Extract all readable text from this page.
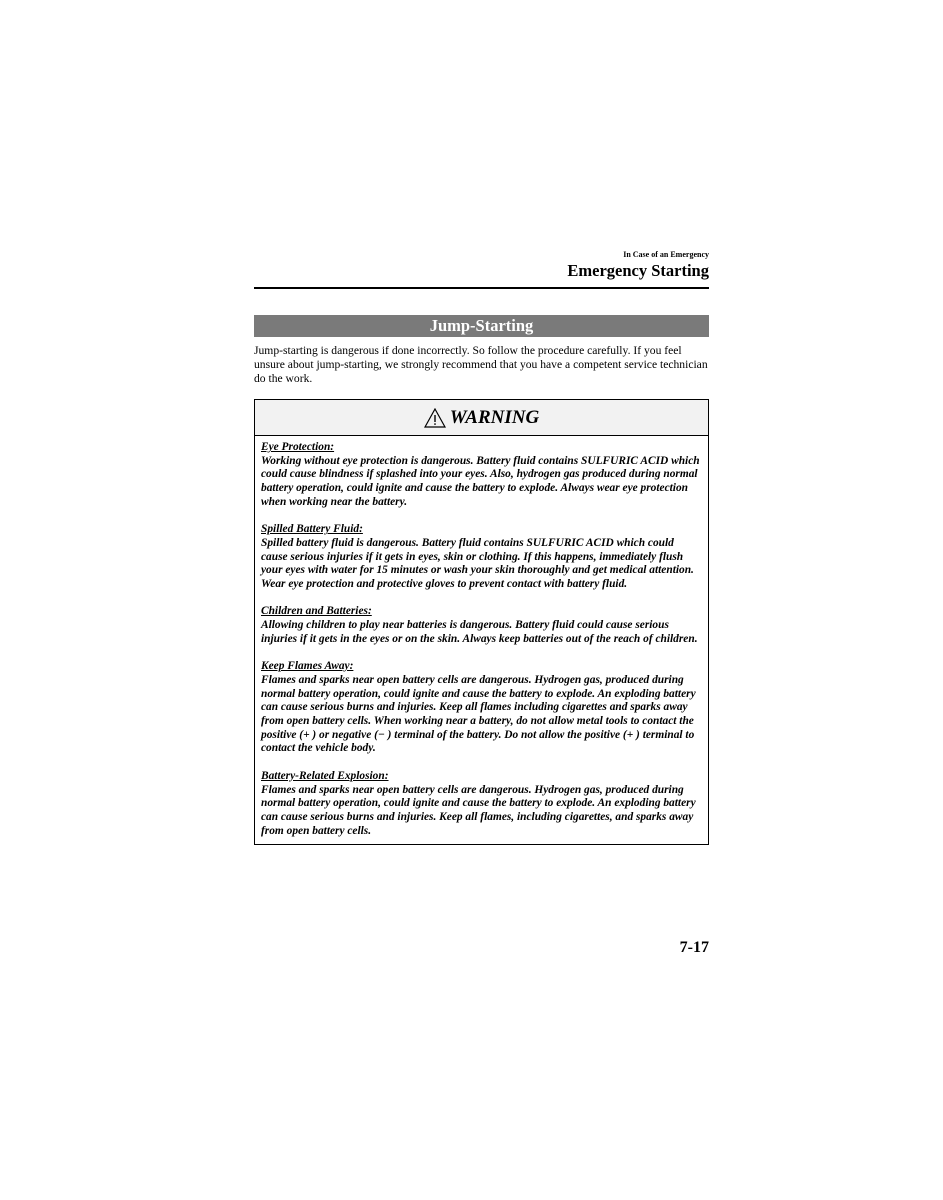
In Case of an Emergency
Emergency Starting
Jump-Starting
Jump-starting is dangerous if done incorrectly. So follow the procedure carefully. If you feel unsure about jump-starting, we strongly recommend that you have a competent service technician do the work.
WARNING
Eye Protection:
Working without eye protection is dangerous. Battery fluid contains SULFURIC ACID which could cause blindness if splashed into your eyes. Also, hydrogen gas produced during normal battery operation, could ignite and cause the battery to explode. Always wear eye protection when working near the battery.
Spilled Battery Fluid:
Spilled battery fluid is dangerous. Battery fluid contains SULFURIC ACID which could cause serious injuries if it gets in eyes, skin or clothing. If this happens, immediately flush your eyes with water for 15 minutes or wash your skin thoroughly and get medical attention. Wear eye protection and protective gloves to prevent contact with battery fluid.
Children and Batteries:
Allowing children to play near batteries is dangerous. Battery fluid could cause serious injuries if it gets in the eyes or on the skin. Always keep batteries out of the reach of children.
Keep Flames Away:
Flames and sparks near open battery cells are dangerous. Hydrogen gas, produced during normal battery operation, could ignite and cause the battery to explode. An exploding battery can cause serious burns and injuries. Keep all flames including cigarettes and sparks away from open battery cells. When working near a battery, do not allow metal tools to contact the positive (+ ) or negative (− ) terminal of the battery. Do not allow the positive (+ ) terminal to contact the vehicle body.
Battery-Related Explosion:
Flames and sparks near open battery cells are dangerous. Hydrogen gas, produced during normal battery operation, could ignite and cause the battery to explode. An exploding battery can cause serious burns and injuries. Keep all flames, including cigarettes, and sparks away from open battery cells.
7-17
